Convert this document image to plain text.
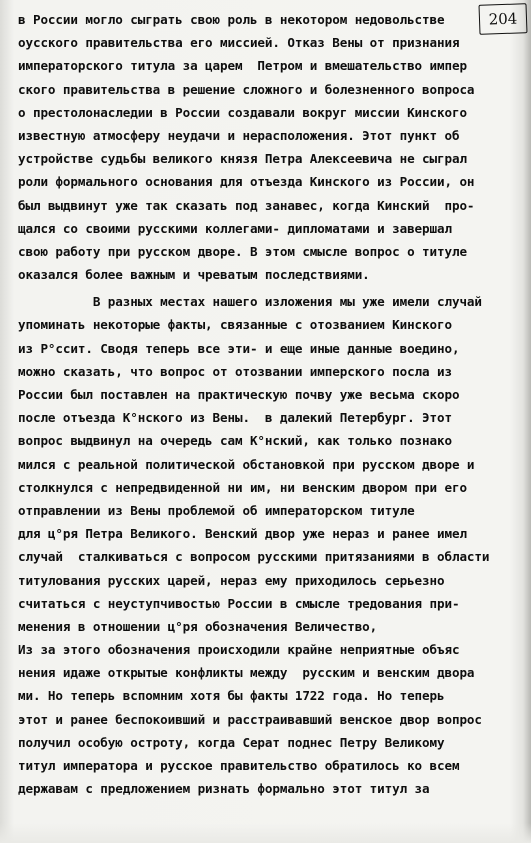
204
в России могло сыграть свою роль в некотором недовольстве
оусского правительства его миссией. Отказ Вены от признания
императорского титула за царем  Петром и вмешательство импер
ского правительства в решение сложного и болезненного вопроса
о престолонаследии в России создавали вокруг миссии Кинского
известную атмосферу неудачи и нерасположения. Этот пункт об
устройстве судьбы великого князя Петра Алексеевича не сыграл
роли формального основания для отъезда Кинского из России, он
был выдвинут уже так сказать под занавес, когда Кинский  про-
щался со своими русскими коллегами- дипломатами и завершал
свою работу при русском дворе. В этом смысле вопрос о титуле
оказался более важным и чреватым последствиями.
В разных местах нашего изложения мы уже имели случай
упоминать некоторые факты, связанные с отозванием Кинского
из Р°ссит. Сводя теперь все эти- и еще иные данные воедино,
можно сказать, что вопрос от отозвании имперского посла из
России был поставлен на практическую почву уже весьма скоро
после отъезда К°нского из Вены.  в далекий Петербург. Этот
вопрос выдвинул на очередь сам К°нский, как только познако
мился с реальной политической обстановкой при русском дворе и
столкнулся с непредвиденной ни им, ни венским двором при его
отправлении из Вены проблемой об императорском титуле
для ц°ря Петра Великого. Венский двор уже нераз и ранее имел
случай  сталкиваться с вопросом русскими притязаниями в области
титулования русских царей, нераз ему приходилось серьезно
считаться с неуступчивостью России в смысле тредования при-
менения в отношении ц°ря обозначения Величество,
Из за этого обозначения происходили крайне неприятные объяс
нения идаже открытые конфликты между  русским и венским двора
ми. Но теперь вспомним хотя бы факты 1722 года. Но теперь
этот и ранее беспокоивший и расстраивавший венское двор вопрос
получил особую остроту, когда Серат поднес Петру Великому
титул императора и русское правительство обратилось ко всем
державам с предложением ризнать формально этот титул за
